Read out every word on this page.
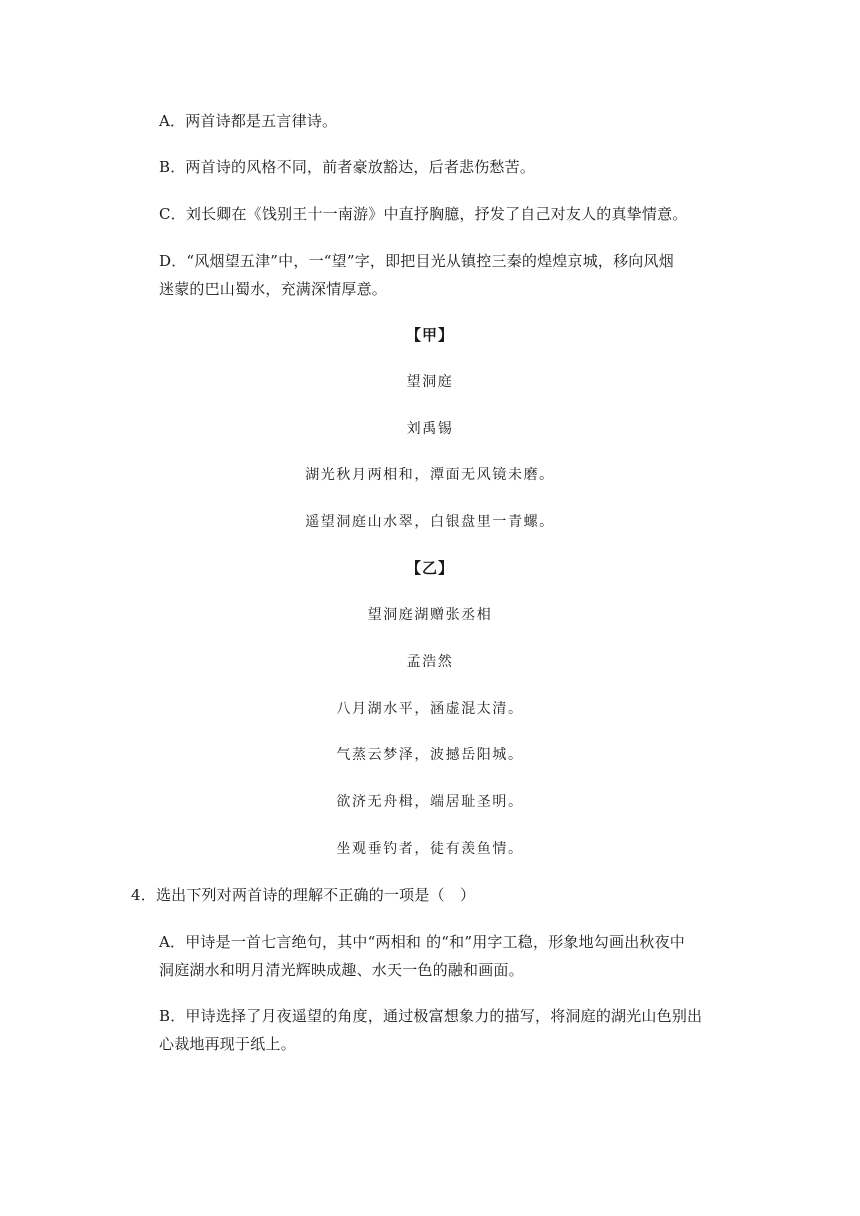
A．两首诗都是五言律诗。
B．两首诗的风格不同，前者豪放豁达，后者悲伤愁苦。
C．刘长卿在《饯别王十一南游》中直抒胸臆，抒发了自己对友人的真挚情意。
D．“风烟望五津”中，一“望”字，即把目光从镇控三秦的煌煌京城，移向风烟
迷蒙的巴山蜀水，充满深情厚意。
【甲】
望洞庭
刘禹锡
湖光秋月两相和，潭面无风镜未磨。
遥望洞庭山水翠，白银盘里一青螺。
【乙】
望洞庭湖赠张丞相
孟浩然
八月湖水平，涵虚混太清。
气蒸云梦泽，波撼岳阳城。
欲济无舟楫，端居耻圣明。
坐观垂钓者，徒有羡鱼情。
4．选出下列对两首诗的理解不正确的一项是（　）
A．甲诗是一首七言绝句，其中“两相和 的“和”用字工稳，形象地勾画出秋夜中
洞庭湖水和明月清光辉映成趣、水天一色的融和画面。
B．甲诗选择了月夜遥望的角度，通过极富想象力的描写，将洞庭的湖光山色别出
心裁地再现于纸上。
